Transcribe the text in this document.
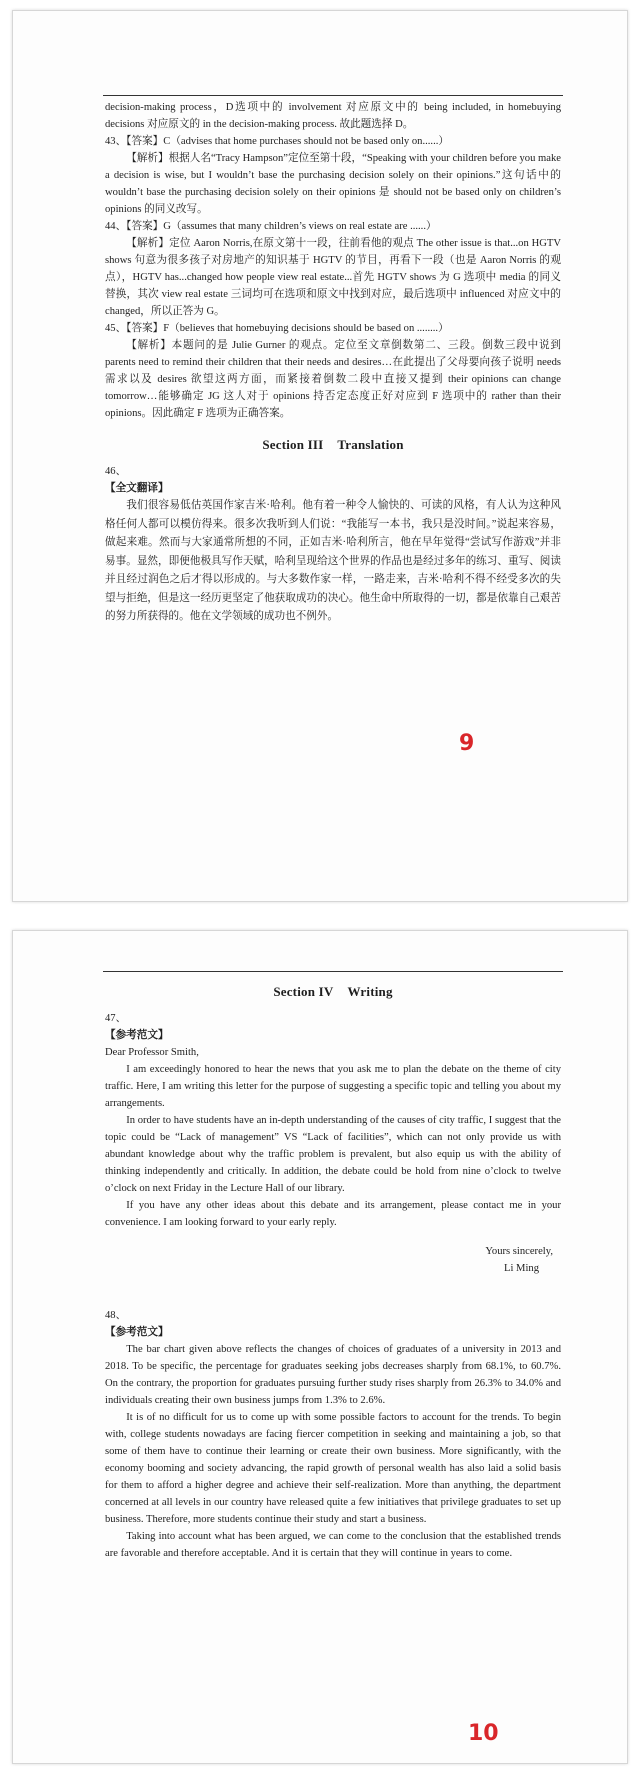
decision-making process，D选项中的 involvement 对应原文中的 being included, in homebuying decisions 对应原文的 in the decision-making process. 故此题选择 D。

43、【答案】C（advises that home purchases should not be based only on......）

【解析】根据人名“Tracy Hampson”定位至第十段，“Speaking with your children before you make a decision is wise, but I wouldn’t base the purchasing decision solely on their opinions.”这句话中的 wouldn’t base the purchasing decision solely on their opinions 是 should not be based only on children’s opinions 的同义改写。

44、【答案】G（assumes that many children’s views on real estate are ......）

【解析】定位 Aaron Norris,在原文第十一段，往前看他的观点 The other issue is that...on HGTV shows 句意为很多孩子对房地产的知识基于 HGTV 的节目，再看下一段（也是 Aaron Norris 的观点），HGTV has...changed how people view real estate...首先 HGTV shows 为 G 选项中 media 的同义替换，其次 view real estate 三词均可在选项和原文中找到对应，最后选项中 influenced 对应文中的 changed，所以正答为 G。

45、【答案】F（believes that homebuying decisions should be based on ........）

【解析】本题问的是 Julie Gurner 的观点。定位至文章倒数第二、三段。倒数三段中说到 parents need to remind their children that their needs and desires…在此提出了父母要向孩子说明 needs 需求以及 desires 欲望这两方面，而紧接着倒数二段中直接又提到 their opinions can change tomorrow…能够确定 JG 这人对于 opinions 持否定态度正好对应到 F 选项中的 rather than their opinions。因此确定 F 选项为正确答案。

Section III Translation

46、

【全文翻译】

我们很容易低估英国作家吉米·哈利。他有着一种令人愉快的、可读的风格，有人认为这种风格任何人都可以模仿得来。很多次我听到人们说：“我能写一本书，我只是没时间。”说起来容易，做起来难。然而与大家通常所想的不同，正如吉米·哈利所言，他在早年觉得“尝试写作游戏”并非易事。显然，即便他极具写作天赋，哈利呈现给这个世界的作品也是经过多年的练习、重写、阅读并且经过润色之后才得以形成的。与大多数作家一样，一路走来，吉米·哈利不得不经受多次的失望与拒绝，但是这一经历更坚定了他获取成功的决心。他生命中所取得的一切，都是依靠自己艰苦的努力所获得的。他在文学领域的成功也不例外。

9
Section IV Writing

47、

【参考范文】

Dear Professor Smith,

I am exceedingly honored to hear the news that you ask me to plan the debate on the theme of city traffic. Here, I am writing this letter for the purpose of suggesting a specific topic and telling you about my arrangements.

In order to have students have an in-depth understanding of the causes of city traffic, I suggest that the topic could be “Lack of management” VS “Lack of facilities”, which can not only provide us with abundant knowledge about why the traffic problem is prevalent, but also equip us with the ability of thinking independently and critically. In addition, the debate could be hold from nine o’clock to twelve o’clock on next Friday in the Lecture Hall of our library.

If you have any other ideas about this debate and its arrangement, please contact me in your convenience. I am looking forward to your early reply.

Yours sincerely,

Li Ming

48、

【参考范文】

The bar chart given above reflects the changes of choices of graduates of a university in 2013 and 2018. To be specific, the percentage for graduates seeking jobs decreases sharply from 68.1%, to 60.7%. On the contrary, the proportion for graduates pursuing further study rises sharply from 26.3% to 34.0% and individuals creating their own business jumps from 1.3% to 2.6%.

It is of no difficult for us to come up with some possible factors to account for the trends. To begin with, college students nowadays are facing fiercer competition in seeking and maintaining a job, so that some of them have to continue their learning or create their own business. More significantly, with the economy booming and society advancing, the rapid growth of personal wealth has also laid a solid basis for them to afford a higher degree and achieve their self-realization. More than anything, the department concerned at all levels in our country have released quite a few initiatives that privilege graduates to set up business. Therefore, more students continue their study and start a business.

Taking into account what has been argued, we can come to the conclusion that the established trends are favorable and therefore acceptable. And it is certain that they will continue in years to come.

10
